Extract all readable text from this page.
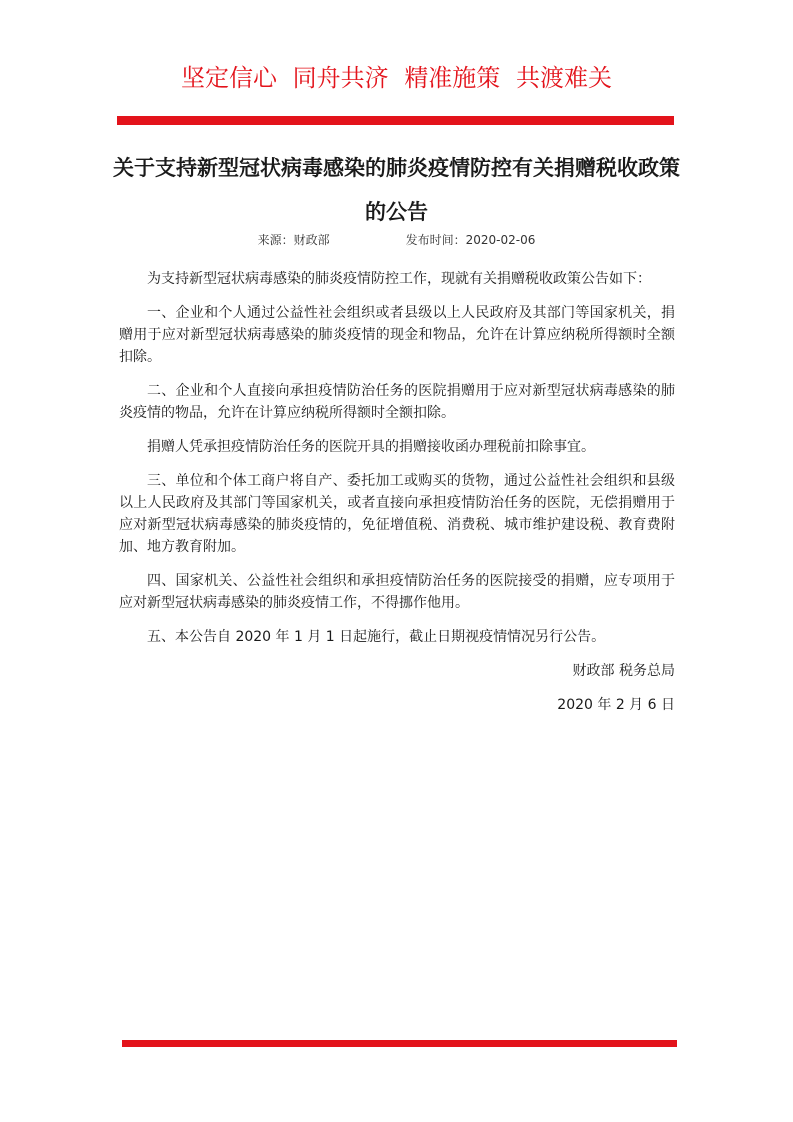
坚定信心 同舟共济 精准施策 共渡难关
关于支持新型冠状病毒感染的肺炎疫情防控有关捐赠税收政策的公告
来源：财政部	发布时间：2020-02-06

为支持新型冠状病毒感染的肺炎疫情防控工作，现就有关捐赠税收政策公告如下：

一、企业和个人通过公益性社会组织或者县级以上人民政府及其部门等国家机关，捐赠用于应对新型冠状病毒感染的肺炎疫情的现金和物品，允许在计算应纳税所得额时全额扣除。

二、企业和个人直接向承担疫情防治任务的医院捐赠用于应对新型冠状病毒感染的肺炎疫情的物品，允许在计算应纳税所得额时全额扣除。

捐赠人凭承担疫情防治任务的医院开具的捐赠接收函办理税前扣除事宜。

三、单位和个体工商户将自产、委托加工或购买的货物，通过公益性社会组织和县级以上人民政府及其部门等国家机关，或者直接向承担疫情防治任务的医院，无偿捐赠用于应对新型冠状病毒感染的肺炎疫情的，免征增值税、消费税、城市维护建设税、教育费附加、地方教育附加。

四、国家机关、公益性社会组织和承担疫情防治任务的医院接受的捐赠，应专项用于应对新型冠状病毒感染的肺炎疫情工作，不得挪作他用。

五、本公告自 2020 年 1 月 1 日起施行，截止日期视疫情情况另行公告。

财政部 税务总局
2020 年 2 月 6 日
